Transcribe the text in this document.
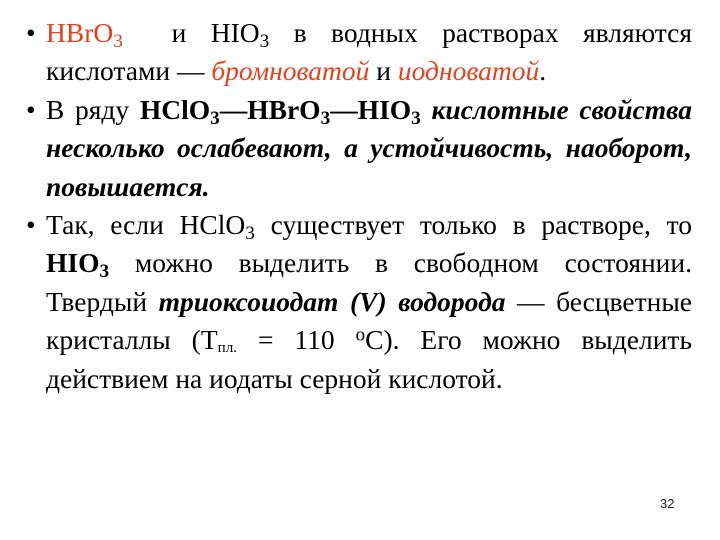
• HBrO$_3$  и $HIO_3$ в водных растворах являются кислотами — бромноватой и иодноватой.
• В ряду $HClO_3—HBrO_3—HIO_3$ кислотные свойства несколько ослабевают, а устойчивость, наоборот, повышается.
• Так, если HClO$_3$ существует только в растворе, то $HIO_3$ можно выделить в свободном состоянии. Твердый триоксоиодат (V) водорода — бесцветные кристаллы ($Т_{пл.} = 110$ $^о$С). Его можно выделить действием на иодаты серной кислотой.
32
